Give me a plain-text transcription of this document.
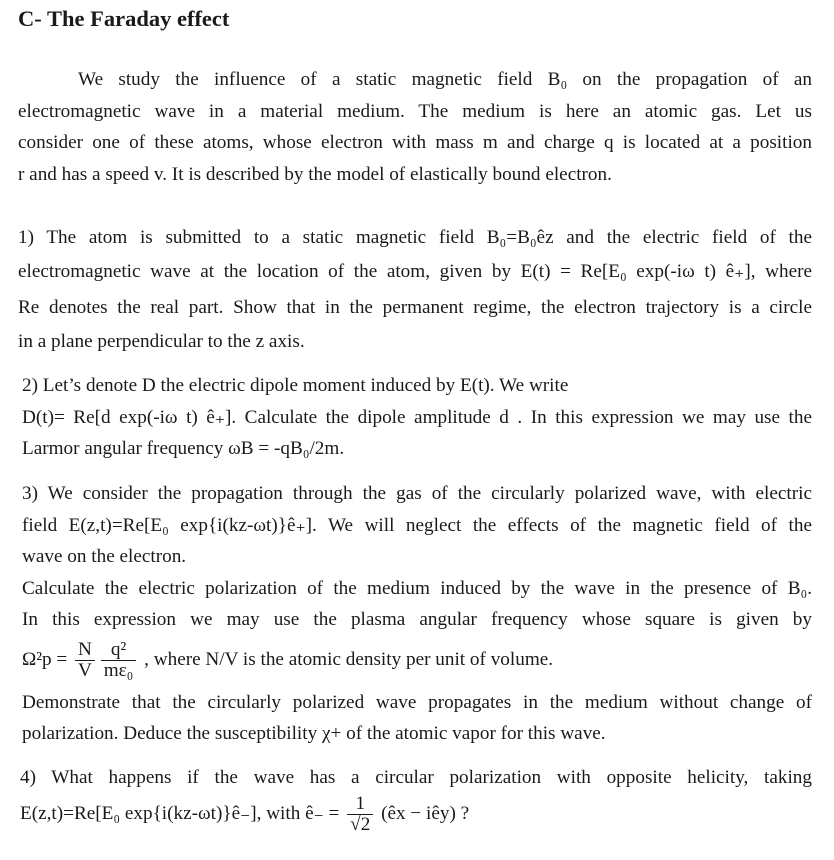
C- The Faraday effect
We study the influence of a static magnetic field B₀ on the propagation of an
electromagnetic wave in a material medium. The medium is here an atomic gas. Let us
consider one of these atoms, whose electron with mass m and charge q is located at a position
r and has a speed v. It is described by the model of elastically bound electron.
1) The atom is submitted to a static magnetic field B₀=B₀êz and the electric field of the
electromagnetic wave at the location of the atom, given by E(t) = Re[E₀ exp(-iω t) ê₊], where
Re denotes the real part. Show that in the permanent regime, the electron trajectory is a circle
in a plane perpendicular to the z axis.
2) Let’s denote D the electric dipole moment induced by E(t). We write
D(t)= Re[d exp(-iω t) ê₊]. Calculate the dipole amplitude d . In this expression we may use the
Larmor angular frequency ωB = -qB₀/2m.
3) We consider the propagation through the gas of the circularly polarized wave, with electric
field E(z,t)=Re[E₀ exp{i(kz-ωt)}ê₊]. We will neglect the effects of the magnetic field of the
wave on the electron.
Calculate the electric polarization of the medium induced by the wave in the presence of B₀.
In this expression we may use the plasma angular frequency whose square is given by
$\Omega^2p = \frac{N}{V}$
$\frac{\text{q²}}{\text{mε₀}}$ , where N/V is the atomic density per unit of volume.
Demonstrate that the circularly polarized wave propagates in the medium without change of
polarization. Deduce the susceptibility χ+ of the atomic vapor for this wave.
4) What happens if the wave has a circular polarization with opposite helicity, taking
E(z,t)=Re[E₀ exp{i(kz-ωt)}ê₋], with ê₋ = $\frac{1}{√2}$ (êx − iêy) ?
